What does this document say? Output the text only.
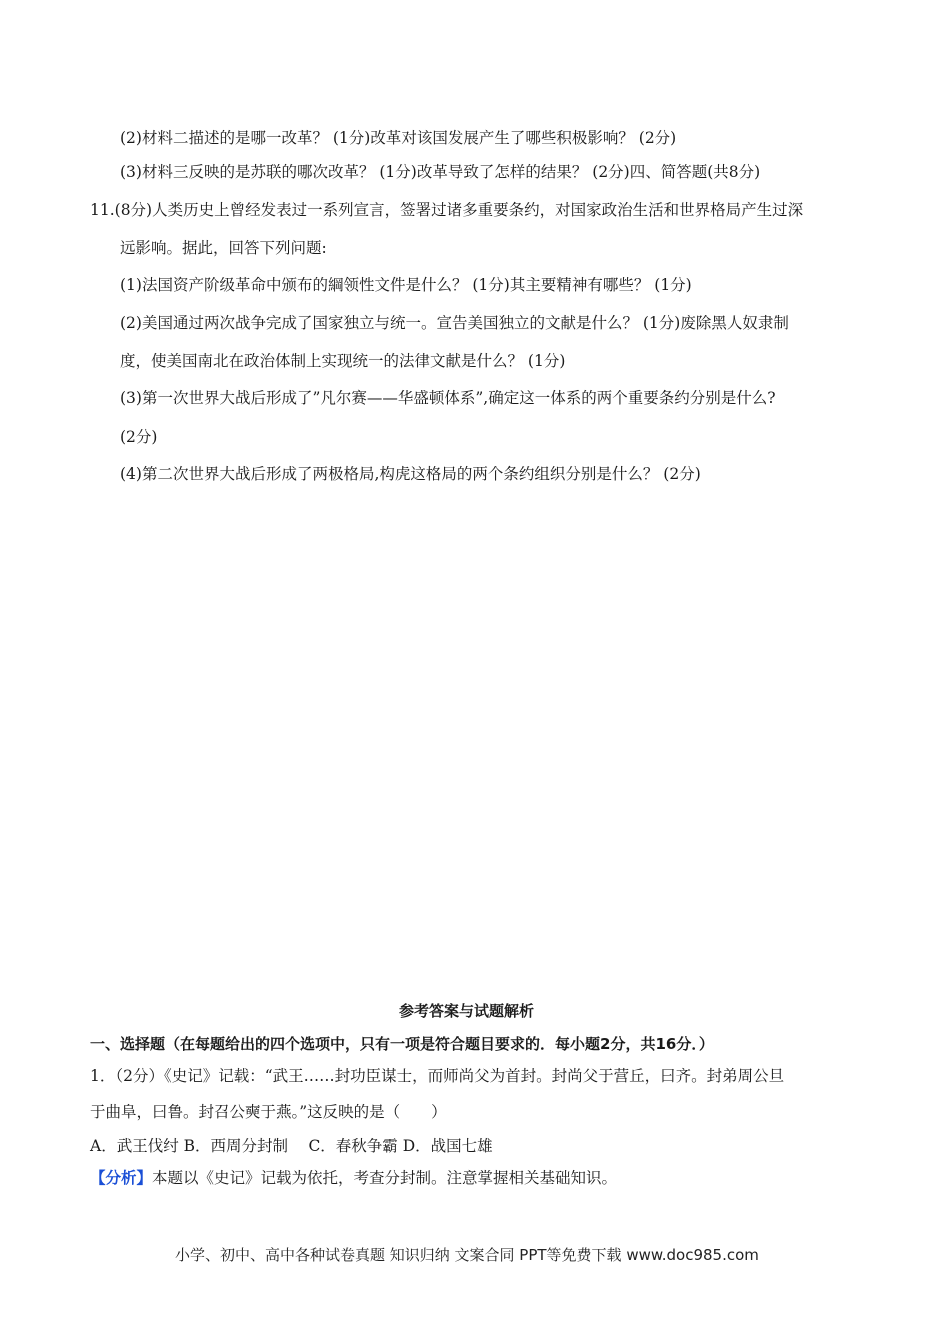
(2)材料二描述的是哪一改革？ (1分)改革对该国发展产生了哪些积极影响？ (2分)
(3)材料三反映的是苏联的哪次改革？ (1分)改革导致了怎样的结果？ (2分)四、简答题(共8分)
11.(8分)人类历史上曾经发表过一系列宣言，签署过诸多重要条约，对国家政治生活和世界格局产生过深
远影响。据此，回答下列问题:
(1)法国资产阶级革命中颁布的綱领性文件是什么？ (1分)其主要精神有哪些？ (1分)
(2)美国通过两次战争完成了国家独立与统一。宣告美国独立的文献是什么？ (1分)废除黑人奴隶制
度，使美国南北在政治体制上实现统一的法律文献是什么？ (1分)
(3)第一次世界大战后形成了”凡尔赛——华盛顿体系”,确定这一体系的两个重要条约分别是什么?
(2分)
(4)第二次世界大战后形成了两极格局,构虎这格局的两个条约组织分别是什么？ (2分)
参考答案与试题解析
一、选择题（在每题给出的四个选项中，只有一项是符合题目要求的．每小题2分，共16分．）
1．（2分）《史记》记载：“武王……封功臣谋士，而师尚父为首封。封尚父于营丘，曰齐。封弟周公旦
于曲阜，曰鲁。封召公奭于燕。”这反映的是（　　）
A．武王伐纣 B．西周分封制　 C．春秋争霸 D．战国七雄
【分析】本题以《史记》记载为依托，考查分封制。注意掌握相关基础知识。
小学、初中、高中各种试卷真题 知识归纳 文案合同 PPT等免费下载 www.doc985.com
